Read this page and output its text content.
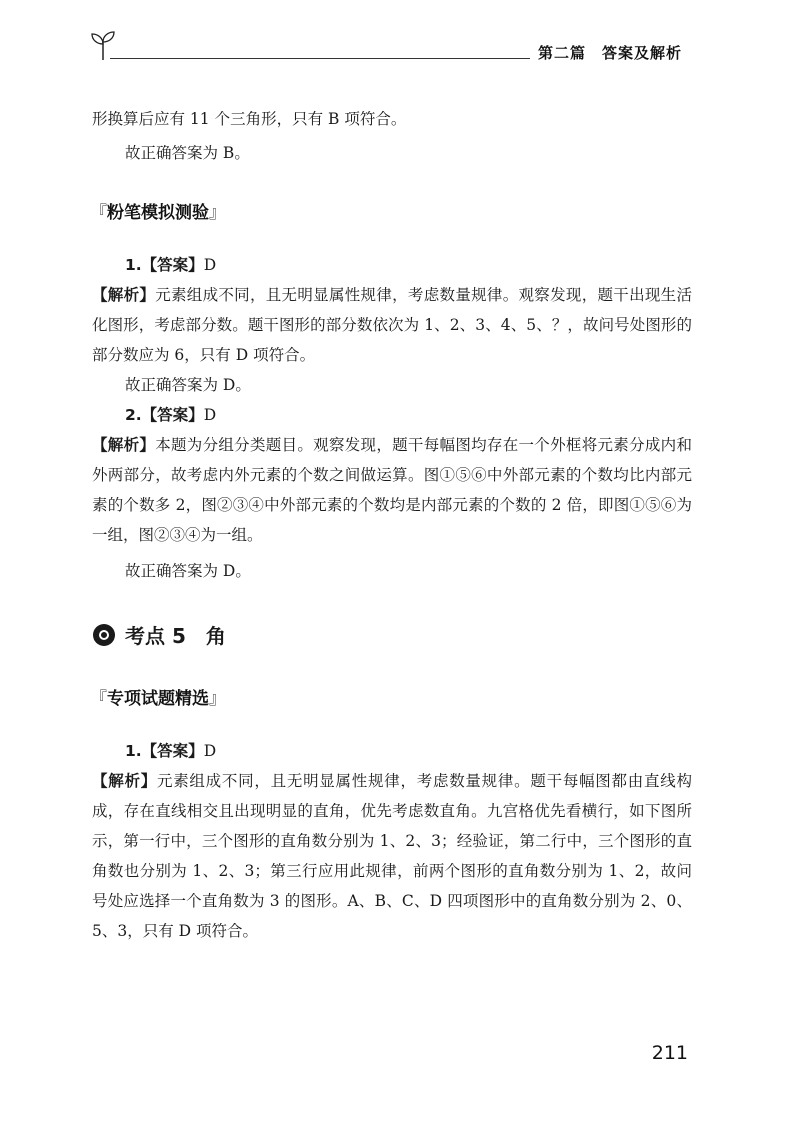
第二篇　答案及解析
形换算后应有 11 个三角形，只有 B 项符合。
故正确答案为 B。
『粉笔模拟测验』
1.【答案】D
【解析】元素组成不同，且无明显属性规律，考虑数量规律。观察发现，题干出现生活化图形，考虑部分数。题干图形的部分数依次为 1、2、3、4、5、？，故问号处图形的部分数应为 6，只有 D 项符合。
故正确答案为 D。
2.【答案】D
【解析】本题为分组分类题目。观察发现，题干每幅图均存在一个外框将元素分成内和外两部分，故考虑内外元素的个数之间做运算。图①⑤⑥中外部元素的个数均比内部元素的个数多 2，图②③④中外部元素的个数均是内部元素的个数的 2 倍，即图①⑤⑥为一组，图②③④为一组。
故正确答案为 D。
考点 5　角
『专项试题精选』
1.【答案】D
【解析】元素组成不同，且无明显属性规律，考虑数量规律。题干每幅图都由直线构成，存在直线相交且出现明显的直角，优先考虑数直角。九宫格优先看横行，如下图所示，第一行中，三个图形的直角数分别为 1、2、3；经验证，第二行中，三个图形的直角数也分别为 1、2、3；第三行应用此规律，前两个图形的直角数分别为 1、2，故问号处应选择一个直角数为 3 的图形。A、B、C、D 四项图形中的直角数分别为 2、0、5、3，只有 D 项符合。
211
